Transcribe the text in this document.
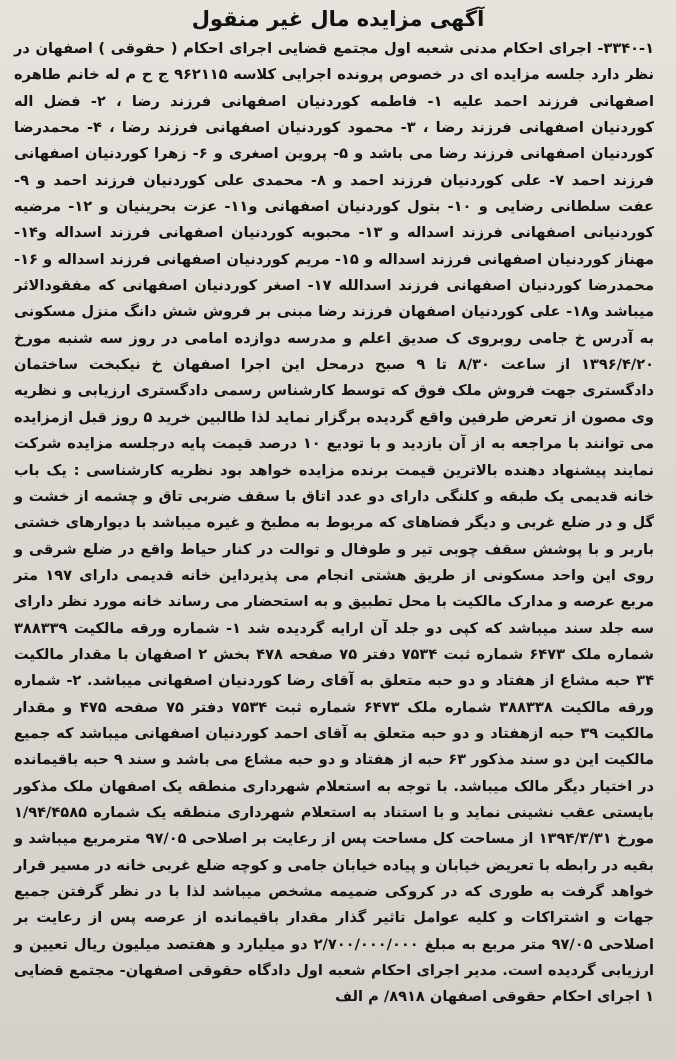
آگهی مزایده مال غیر منقول

۳۳۴۰-۱- اجرای احکام مدنی شعبه اول مجتمع قضایی اجرای احکام ( حقوقی ) اصفهان در نظر دارد جلسه مزایده ای در خصوص پرونده اجرایی کلاسه ۹۶۲۱۱۵ ج ح م له خانم طاهره اصفهانی فرزند احمد علیه ۱- فاطمه کوردنیان اصفهانی فرزند رضا ، ۲- فضل اله کوردنیان اصفهانی فرزند رضا ، ۳- محمود کوردنیان اصفهانی فرزند رضا ، ۴- محمدرضا کوردنیان اصفهانی فرزند رضا می باشد و ۵- پروین اصغری و ۶- زهرا کوردنیان اصفهانی فرزند احمد ۷- علی کوردنیان فرزند احمد و ۸- محمدی علی کوردنیان فرزند احمد و ۹- عفت سلطانی رضایی و ۱۰- بتول کوردنیان اصفهانی و۱۱- عزت بحرینیان و ۱۲- مرضیه کوردنیانی اصفهانی فرزند اسداله و ۱۳- محبوبه کوردنیان اصفهانی فرزند اسداله و۱۴- مهناز کوردنیان اصفهانی فرزند اسداله و ۱۵- مریم کوردنیان اصفهانی فرزند اسداله و ۱۶- محمدرضا کوردنیان اصفهانی فرزند اسدالله ۱۷- اصغر کوردنیان اصفهانی که مفقودالاثر میباشد و۱۸- علی کوردنیان اصفهان فرزند رضا مبنی بر فروش شش دانگ منزل مسکونی به آدرس خ جامی روبروی ک صدیق اعلم و مدرسه دوازده امامی در روز سه شنبه مورخ ۱۳۹۶/۴/۲۰ از ساعت ۸/۳۰ تا ۹ صبح درمحل این اجرا اصفهان خ نیکبخت ساختمان دادگستری جهت فروش ملک فوق که توسط کارشناس رسمی دادگستری ارزیابی و نظریه وی مصون از تعرض طرفین واقع گردیده برگزار نماید لذا طالبین خرید ۵ روز قبل ازمزایده می توانند با مراجعه به از آن بازدید و با تودیع ۱۰ درصد قیمت پایه درجلسه مزایده شرکت نمایند پیشنهاد دهنده بالاترین قیمت برنده مزایده خواهد بود نظریه کارشناسی : یک باب خانه قدیمی یک طبقه و کلنگی دارای دو عدد اتاق با سقف ضربی تاق و چشمه از خشت و گل و در ضلع غربی و دیگر فضاهای که مربوط به مطبخ و غیره میباشد با دیوارهای خشتی باربر و با پوشش سقف چوبی تیر و طوفال و توالت در کنار حیاط واقع در ضلع شرقی و روی این واحد مسکونی از طریق هشتی انجام می پذیرداین خانه قدیمی دارای ۱۹۷ متر مربع عرصه و مدارک مالکیت با محل تطبیق و به استحضار می رساند خانه مورد نظر دارای سه جلد سند میباشد که کپی دو جلد آن ارایه گردیده شد ۱- شماره ورقه مالکیت ۳۸۸۳۳۹ شماره ملک ۶۴۷۳ شماره ثبت ۷۵۳۴ دفتر ۷۵ صفحه ۴۷۸ بخش ۲ اصفهان با مقدار مالکیت ۳۴ حبه مشاع از هفتاد و دو حبه متعلق به آقای رضا کوردنیان اصفهانی میباشد. ۲- شماره ورقه مالکیت ۳۸۸۳۳۸ شماره ملک ۶۴۷۳ شماره ثبت ۷۵۳۴ دفتر ۷۵ صفحه ۴۷۵ و مقدار مالکیت ۳۹ حبه ازهفتاد و دو حبه متعلق به آقای احمد کوردنیان اصفهانی میباشد که جمیع مالکیت این دو سند مذکور ۶۳ حبه از هفتاد و دو حبه مشاع می باشد و سند ۹ حبه باقیمانده در اختیار دیگر مالک میباشد. با توجه به استعلام شهرداری منطقه یک اصفهان ملک مذکور بایستی عقب نشینی نماید و با استناد به استعلام شهرداری منطقه یک شماره ۱/۹۴/۴۵۸۵ مورخ ۱۳۹۴/۳/۳۱ از مساحت کل مساحت پس از رعایت بر اصلاحی ۹۷/۰۵ مترمربع میباشد و بقیه در رابطه با تعریض خیابان و پیاده خیابان جامی و کوچه ضلع غربی خانه در مسیر قرار خواهد گرفت به طوری که در کروکی ضمیمه مشخص میباشد لذا با در نظر گرفتن جمیع جهات و اشتراکات و کلیه عوامل تاثیر گذار مقدار باقیمانده از عرصه پس از رعایت بر اصلاحی ۹۷/۰۵ متر مربع به مبلغ ۲/۷۰۰/۰۰۰/۰۰۰ دو میلیارد و هفتصد میلیون ریال تعیین و ارزیابی گردیده است. مدیر اجرای احکام شعبه اول دادگاه حقوقی اصفهان- مجتمع قضایی ۱ اجرای احکام حقوقی اصفهان ۸۹۱۸/ م الف
